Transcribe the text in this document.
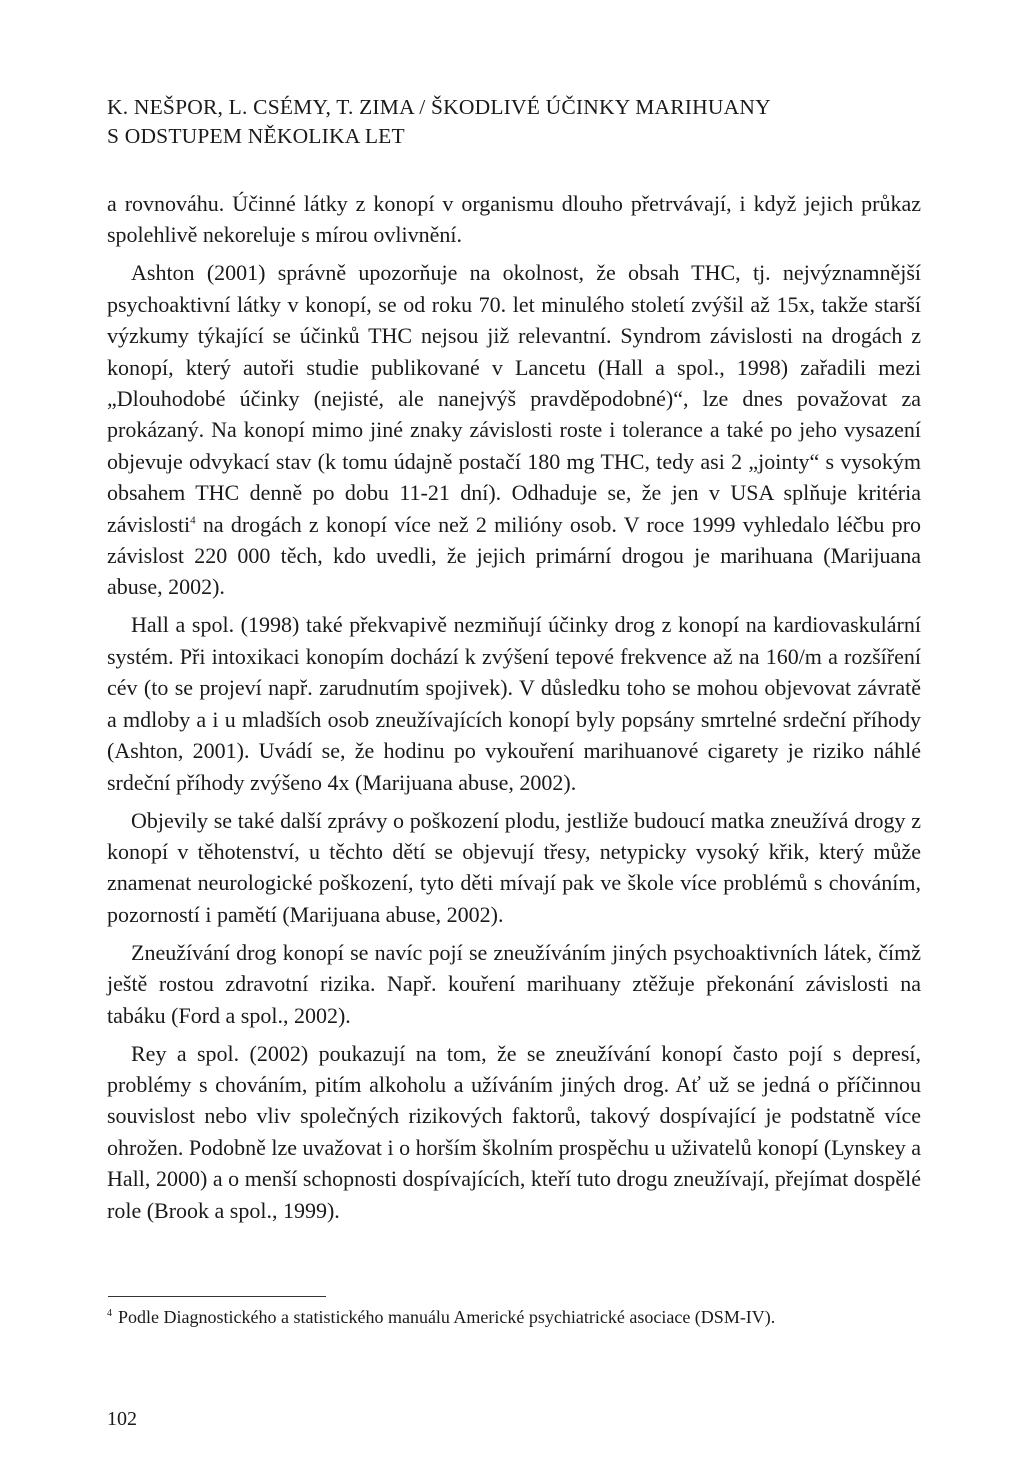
K. NEŠPOR, L. CSÉMY, T. ZIMA / ŠKODLIVÉ ÚČINKY MARIHUANY
S ODSTUPEM NĚKOLIKA LET

a rovnováhu. Účinné látky z konopí v organismu dlouho přetrvávají, i když jejich průkaz spolehlivě nekoreluje s mírou ovlivnění.

Ashton (2001) správně upozorňuje na okolnost, že obsah THC, tj. nejvýznamnější psychoaktivní látky v konopí, se od roku 70. let minulého století zvýšil až 15x, takže starší výzkumy týkající se účinků THC nejsou již relevantní. Syndrom závislosti na drogách z konopí, který autoři studie publikované v Lancetu (Hall a spol., 1998) zařadili mezi „Dlouhodobé účinky (nejisté, ale nanejvýš pravděpodobné)“, lze dnes považovat za prokázaný. Na konopí mimo jiné znaky závislosti roste i tolerance a také po jeho vysazení objevuje odvykací stav (k tomu údajně postačí 180 mg THC, tedy asi 2 „jointy“ s vysokým obsahem THC denně po dobu 11-21 dní). Odhaduje se, že jen v USA splňuje kritéria závislosti$^4$ na drogách z konopí více než 2 milióny osob. V roce 1999 vyhledalo léčbu pro závislost 220 000 těch, kdo uvedli, že jejich primární drogou je marihuana (Marijuana abuse, 2002).

Hall a spol. (1998) také překvapivě nezmiňují účinky drog z konopí na kardiovaskulární systém. Při intoxikaci konopím dochází k zvýšení tepové frekvence až na 160/m a rozšíření cév (to se projeví např. zarudnutím spojivek). V důsledku toho se mohou objevovat závratě a mdloby a i u mladších osob zneužívajících konopí byly popsány smrtelné srdeční příhody (Ashton, 2001). Uvádí se, že hodinu po vykouření marihuanové cigarety je riziko náhlé srdeční příhody zvýšeno 4x (Marijuana abuse, 2002).

Objevily se také další zprávy o poškození plodu, jestliže budoucí matka zneužívá drogy z konopí v těhotenství, u těchto dětí se objevují třesy, netypicky vysoký křik, který může znamenat neurologické poškození, tyto děti mívají pak ve škole více problémů s chováním, pozorností i pamětí (Marijuana abuse, 2002).

Zneužívání drog konopí se navíc pojí se zneužíváním jiných psychoaktivních látek, čímž ještě rostou zdravotní rizika. Např. kouření marihuany ztěžuje překonání závislosti na tabáku (Ford a spol., 2002).

Rey a spol. (2002) poukazují na tom, že se zneužívání konopí často pojí s depresí, problémy s chováním, pitím alkoholu a užíváním jiných drog. Ať už se jedná o příčinnou souvislost nebo vliv společných rizikových faktorů, takový dospívající je podstatně více ohrožen. Podobně lze uvažovat i o horším školním prospěchu u uživatelů konopí (Lynskey a Hall, 2000) a o menší schopnosti dospívajících, kteří tuto drogu zneužívají, přejímat dospělé role (Brook a spol., 1999).

$^4$ Podle Diagnostického a statistického manuálu Americké psychiatrické asociace (DSM-IV).
102
